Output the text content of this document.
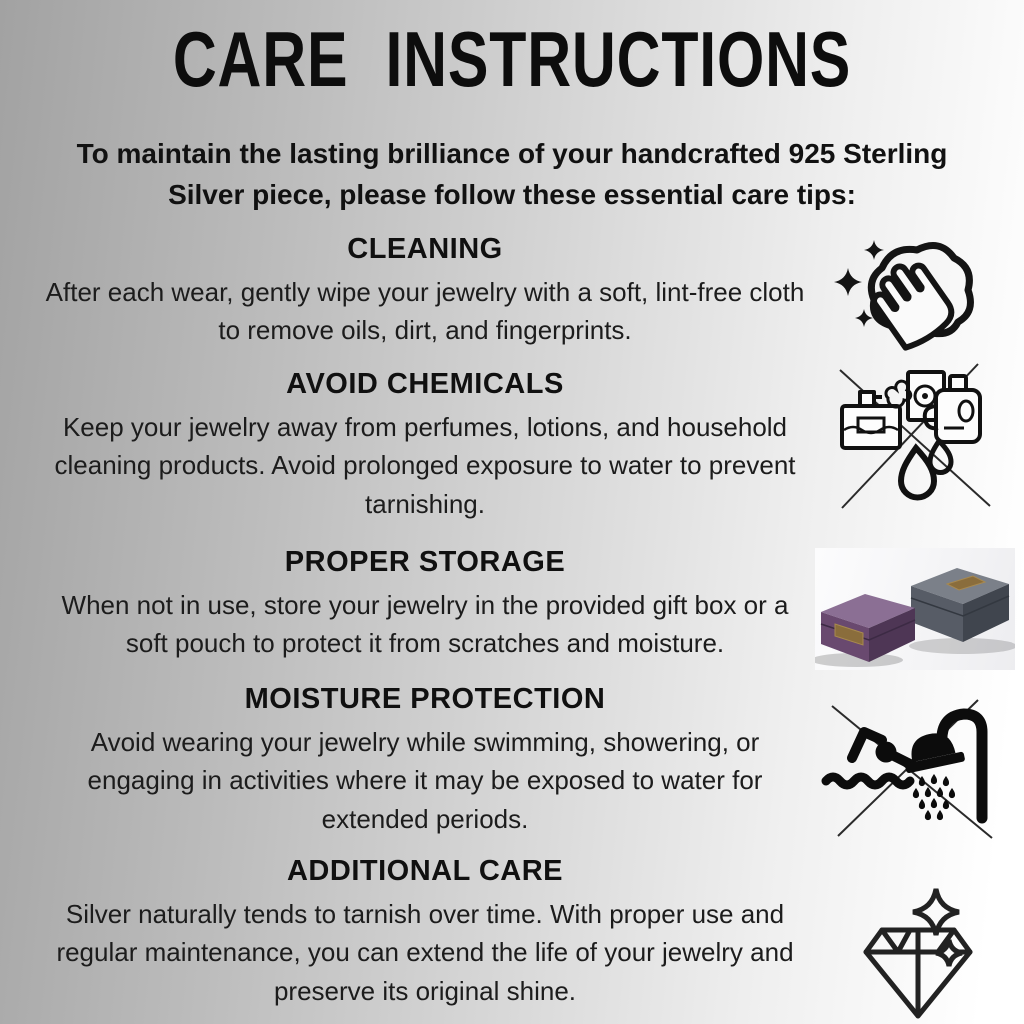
CARE INSTRUCTIONS

To maintain the lasting brilliance of your handcrafted 925 Sterling Silver piece, please follow these essential care tips:

CLEANING

After each wear, gently wipe your jewelry with a soft, lint-free cloth to remove oils, dirt, and fingerprints.

AVOID CHEMICALS

Keep your jewelry away from perfumes, lotions, and household cleaning products. Avoid prolonged exposure to water to prevent tarnishing.

PROPER STORAGE

When not in use, store your jewelry in the provided gift box or a soft pouch to protect it from scratches and moisture.

MOISTURE PROTECTION

Avoid wearing your jewelry while swimming, showering, or engaging in activities where it may be exposed to water for extended periods.

ADDITIONAL CARE

Silver naturally tends to tarnish over time. With proper use and regular maintenance, you can extend the life of your jewelry and preserve its original shine.
